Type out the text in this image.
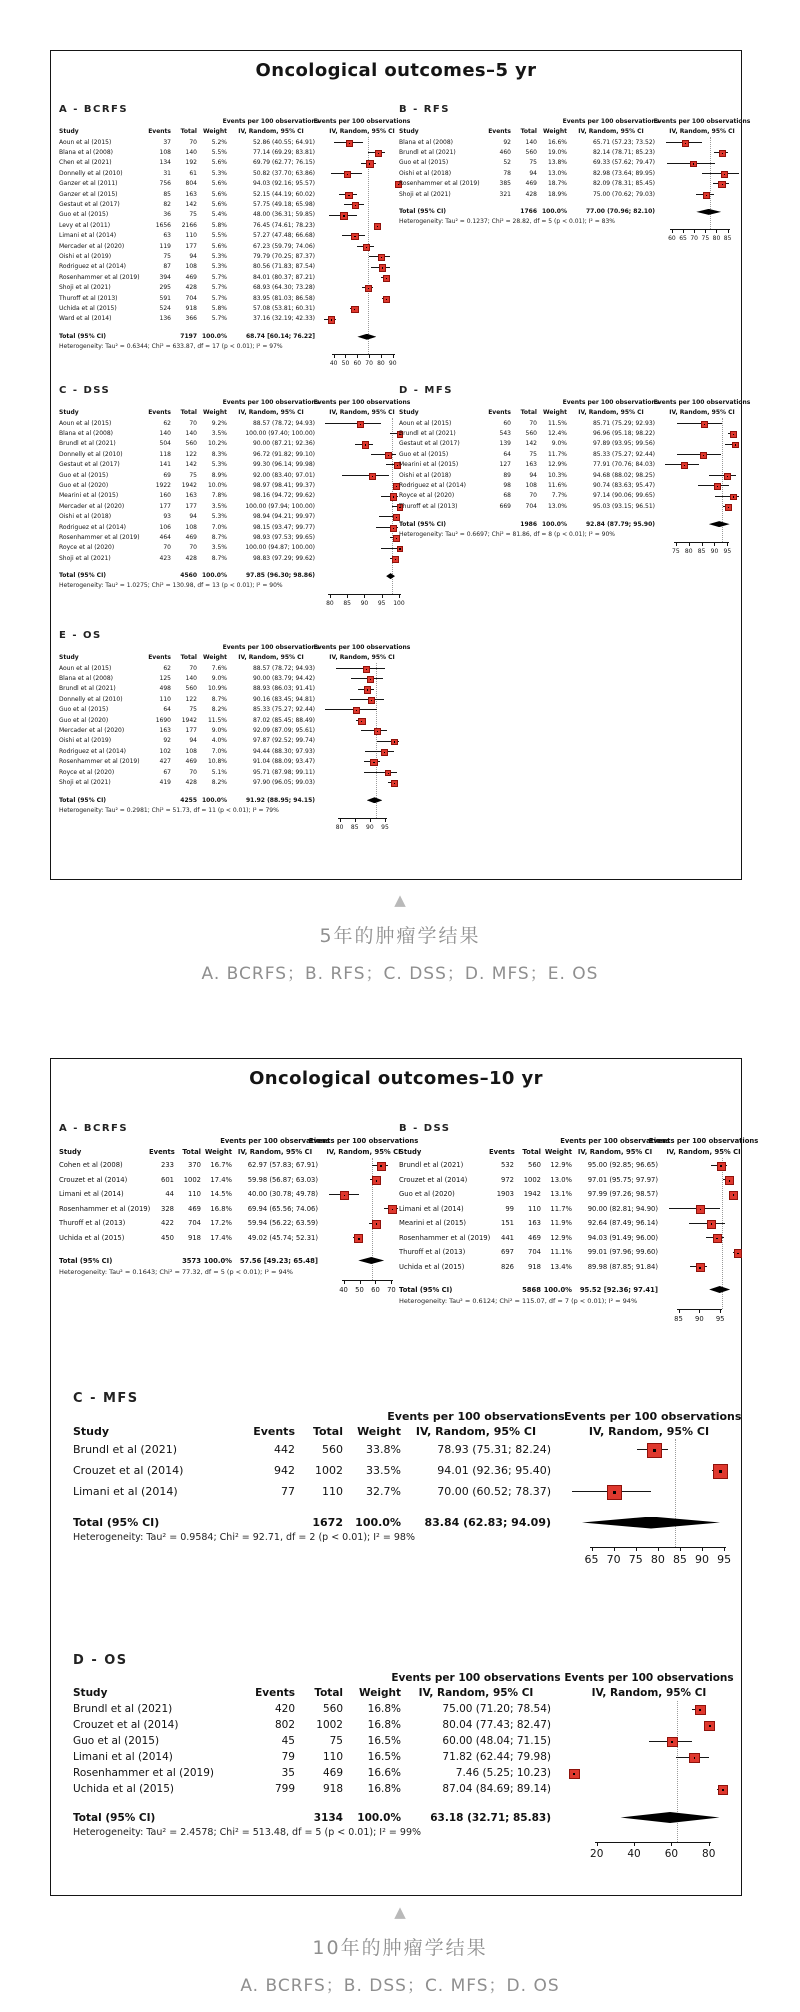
Oncological outcomes–5 yr
A - BCRFS
Events per 100 observations
Study	Events	Total	Weight	IV, Random, 95% CI
Aoun et al (2015)	37	70	5.2%	52.86 (40.55; 64.91)
Blana et al (2008)	108	140	5.5%	77.14 (69.29; 83.81)
Chen et al (2021)	134	192	5.6%	69.79 (62.77; 76.15)
Donnelly et al (2010)	31	61	5.3%	50.82 (37.70; 63.86)
Ganzer et al (2011)	756	804	5.6%	94.03 (92.16; 95.57)
Ganzer et al (2015)	85	163	5.6%	52.15 (44.19; 60.02)
Gestaut et al (2017)	82	142	5.6%	57.75 (49.18; 65.98)
Guo et al (2015)	36	75	5.4%	48.00 (36.31; 59.85)
Levy et al (2011)	1656	2166	5.8%	76.45 (74.61; 78.23)
Limani et al (2014)	63	110	5.5%	57.27 (47.48; 66.68)
Mercader et al (2020)	119	177	5.6%	67.23 (59.79; 74.06)
Oishi et al (2019)	75	94	5.3%	79.79 (70.25; 87.37)
Rodriguez et al (2014)	87	108	5.3%	80.56 (71.83; 87.54)
Rosenhammer et al (2019)	394	469	5.7%	84.01 (80.37; 87.21)
Shoji et al (2021)	295	428	5.7%	68.93 (64.30; 73.28)
Thuroff et al (2013)	591	704	5.7%	83.95 (81.03; 86.58)
Uchida et al (2015)	524	918	5.8%	57.08 (53.81; 60.31)
Ward et al (2014)	136	366	5.7%	37.16 (32.19; 42.33)
Total (95% CI)	7197 100.0%	68.74 [60.14; 76.22]
Heterogeneity: Tau² = 0.6344; Chi² = 633.87, df = 17 (p < 0.01); I² = 97%
Events per 100 observations
IV, Random, 95% CI
40 50 60 70 80 90
B - RFS
Events per 100 observations
Study	Events	Total	Weight	IV, Random, 95% CI
Blana et al (2008)	92	140	16.6%	65.71 (57.23; 73.52)
Brundl et al (2021)	460	560	19.0%	82.14 (78.71; 85.23)
Guo et al (2015)	52	75	13.8%	69.33 (57.62; 79.47)
Oishi et al (2018)	78	94	13.0%	82.98 (73.64; 89.95)
Rosenhammer et al (2019)	385	469	18.7%	82.09 (78.31; 85.45)
Shoji et al (2021)	321	428	18.9%	75.00 (70.62; 79.03)
Total (95% CI)	1766 100.0%	77.00 (70.96; 82.10)
Heterogeneity: Tau² = 0.1237; Chi² = 28.82, df = 5 (p < 0.01); I² = 83%
Events per 100 observations
IV, Random, 95% CI
60 65 70 75 80 85
C - DSS
Events per 100 observations
Study	Events	Total	Weight	IV, Random, 95% CI
Aoun et al (2015)	62	70	9.2%	88.57 (78.72; 94.93)
Blana et al (2008)	140	140	3.5%	100.00 (97.40; 100.00)
Brundl et al (2021)	504	560	10.2%	90.00 (87.21; 92.36)
Donnelly et al (2010)	118	122	8.3%	96.72 (91.82; 99.10)
Gestaut et al (2017)	141	142	5.3%	99.30 (96.14; 99.98)
Guo et al (2015)	69	75	8.9%	92.00 (83.40; 97.01)
Guo et al (2020)	1922	1942	10.0%	98.97 (98.41; 99.37)
Mearini et al (2015)	160	163	7.8%	98.16 (94.72; 99.62)
Mercader et al (2020)	177	177	3.5%	100.00 (97.94; 100.00)
Oishi et al (2018)	93	94	5.3%	98.94 (94.21; 99.97)
Rodriguez et al (2014)	106	108	7.0%	98.15 (93.47; 99.77)
Rosenhammer et al (2019)	464	469	8.7%	98.93 (97.53; 99.65)
Royce et al (2020)	70	70	3.5%	100.00 (94.87; 100.00)
Shoji et al (2021)	423	428	8.7%	98.83 (97.29; 99.62)
Total (95% CI)	4560 100.0%	97.85 (96.30; 98.86)
Heterogeneity: Tau² = 1.0275; Chi² = 130.98, df = 13 (p < 0.01); I² = 90%
Events per 100 observations
IV, Random, 95% CI
80	85	90	95	100
D - MFS
Events per 100 observations
Study	Events	Total	Weight	IV, Random, 95% CI
Aoun et al (2015)	60	70	11.5%	85.71 (75.29; 92.93)
Brundl et al (2021)	543	560	12.4%	96.96 (95.18; 98.22)
Gestaut et al (2017)	139	142	9.0%	97.89 (93.95; 99.56)
Guo et al (2015)	64	75	11.7%	85.33 (75.27; 92.44)
Mearini et al (2015)	127	163	12.9%	77.91 (70.76; 84.03)
Oishi et al (2018)	89	94	10.3%	94.68 (88.02; 98.25)
Rodriguez et al (2014)	98	108	11.6%	90.74 (83.63; 95.47)
Royce et al (2020)	68	70	7.7%	97.14 (90.06; 99.65)
Thuroff et al (2013)	669	704	13.0%	95.03 (93.15; 96.51)
Total (95% CI)	1986 100.0%	92.84 (87.79; 95.90)
Heterogeneity: Tau² = 0.6697; Chi² = 81.86, df = 8 (p < 0.01); I² = 90%
Events per 100 observations
IV, Random, 95% CI
75 80 85 90 95
E - OS
Events per 100 observations
Study	Events	Total	Weight	IV, Random, 95% CI
Aoun et al (2015)	62	70	7.6%	88.57 (78.72; 94.93)
Blana et al (2008)	125	140	9.0%	90.00 (83.79; 94.42)
Brundl et al (2021)	498	560	10.9%	88.93 (86.03; 91.41)
Donnelly et al (2010)	110	122	8.7%	90.16 (83.45; 94.81)
Guo et al (2015)	64	75	8.2%	85.33 (75.27; 92.44)
Guo et al (2020)	1690	1942	11.5%	87.02 (85.45; 88.49)
Mercader et al (2020)	163	177	9.0%	92.09 (87.09; 95.61)
Oishi et al (2019)	92	94	4.0%	97.87 (92.52; 99.74)
Rodriguez et al (2014)	102	108	7.0%	94.44 (88.30; 97.93)
Rosenhammer et al (2019)	427	469	10.8%	91.04 (88.09; 93.47)
Royce et al (2020)	67	70	5.1%	95.71 (87.98; 99.11)
Shoji et al (2021)	419	428	8.2%	97.90 (96.05; 99.03)
Total (95% CI)	4255 100.0%	91.92 (88.95; 94.15)
Heterogeneity: Tau² = 0.2981; Chi² = 51.73, df = 11 (p < 0.01); I² = 79%
Events per 100 observations
IV, Random, 95% CI
80	85	90	95
▲
5年的肿瘤学结果
A. BCRFS；B. RFS；C. DSS；D. MFS；E. OS
Oncological outcomes–10 yr
A - BCRFS
Events per 100 observations
Study	Events	Total Weight IV, Random, 95% CI
Cohen et al (2008)	233	370	16.7%	62.97 (57.83; 67.91)
Crouzet et al (2014)	601	1002	17.4%	59.98 (56.87; 63.03)
Limani et al (2014)	44	110	14.5%	40.00 (30.78; 49.78)
Rosenhammer et al (2019)	328	469	16.8%	69.94 (65.56; 74.06)
Thuroff et al (2013)	422	704	17.2%	59.94 (56.22; 63.59)
Uchida et al (2015)	450	918	17.4%	49.02 (45.74; 52.31)
Total (95% CI)	3573 100.0%	57.56 [49.23; 65.48]
Heterogeneity: Tau² = 0.1643; Chi² = 77.32, df = 5 (p < 0.01); I² = 94%
Events per 100 observations
IV, Random, 95% CI
40	50	60	70
B - DSS
Events per 100 observations
Study	Events	Total Weight IV, Random, 95% CI
Brundl et al (2021)	532	560	12.9%	95.00 (92.85; 96.65)
Crouzet et al (2014)	972	1002	13.0%	97.01 (95.75; 97.97)
Guo et al (2020)	1903	1942	13.1%	97.99 (97.26; 98.57)
Limani et al (2014)	99	110	11.7%	90.00 (82.81; 94.90)
Mearini et al (2015)	151	163	11.9%	92.64 (87.49; 96.14)
Rosenhammer et al (2019)	441	469	12.9%	94.03 (91.49; 96.00)
Thuroff et al (2013)	697	704	11.1%	99.01 (97.96; 99.60)
Uchida et al (2015)	826	918	13.4%	89.98 (87.85; 91.84)
Total (95% CI)	5868 100.0%	95.52 [92.36; 97.41]
Heterogeneity: Tau² = 0.6124; Chi² = 115.07, df = 7 (p < 0.01); I² = 94%
Events per 100 observations
IV, Random, 95% CI
85	90	95
C - MFS
Events per 100 observations
Study	Events	Total	Weight	IV, Random, 95% CI
Brundl et al (2021)	442	560	33.8%	78.93 (75.31; 82.24)
Crouzet et al (2014)	942	1002	33.5%	94.01 (92.36; 95.40)
Limani et al (2014)	77	110	32.7%	70.00 (60.52; 78.37)
Total (95% CI)	1672	100.0%	83.84 (62.83; 94.09)
Heterogeneity: Tau² = 0.9584; Chi² = 92.71, df = 2 (p < 0.01); I² = 98%
Events per 100 observations
IV, Random, 95% CI
65 70 75 80 85 90 95
D - OS
Events per 100 observations
Study	Events	Total	Weight	IV, Random, 95% CI
Brundl et al (2021)	420	560	16.8%	75.00 (71.20; 78.54)
Crouzet et al (2014)	802	1002	16.8%	80.04 (77.43; 82.47)
Guo et al (2015)	45	75	16.5%	60.00 (48.04; 71.15)
Limani et al (2014)	79	110	16.5%	71.82 (62.44; 79.98)
Rosenhammer et al (2019)	35	469	16.6%	7.46 (5.25; 10.23)
Uchida et al (2015)	799	918	16.8%	87.04 (84.69; 89.14)
Total (95% CI)	3134	100.0%	63.18 (32.71; 85.83)
Heterogeneity: Tau² = 2.4578; Chi² = 513.48, df = 5 (p < 0.01); I² = 99%
Events per 100 observations
IV, Random, 95% CI
20	40	60	80
▲
10年的肿瘤学结果
A. BCRFS；B. DSS；C. MFS；D. OS
